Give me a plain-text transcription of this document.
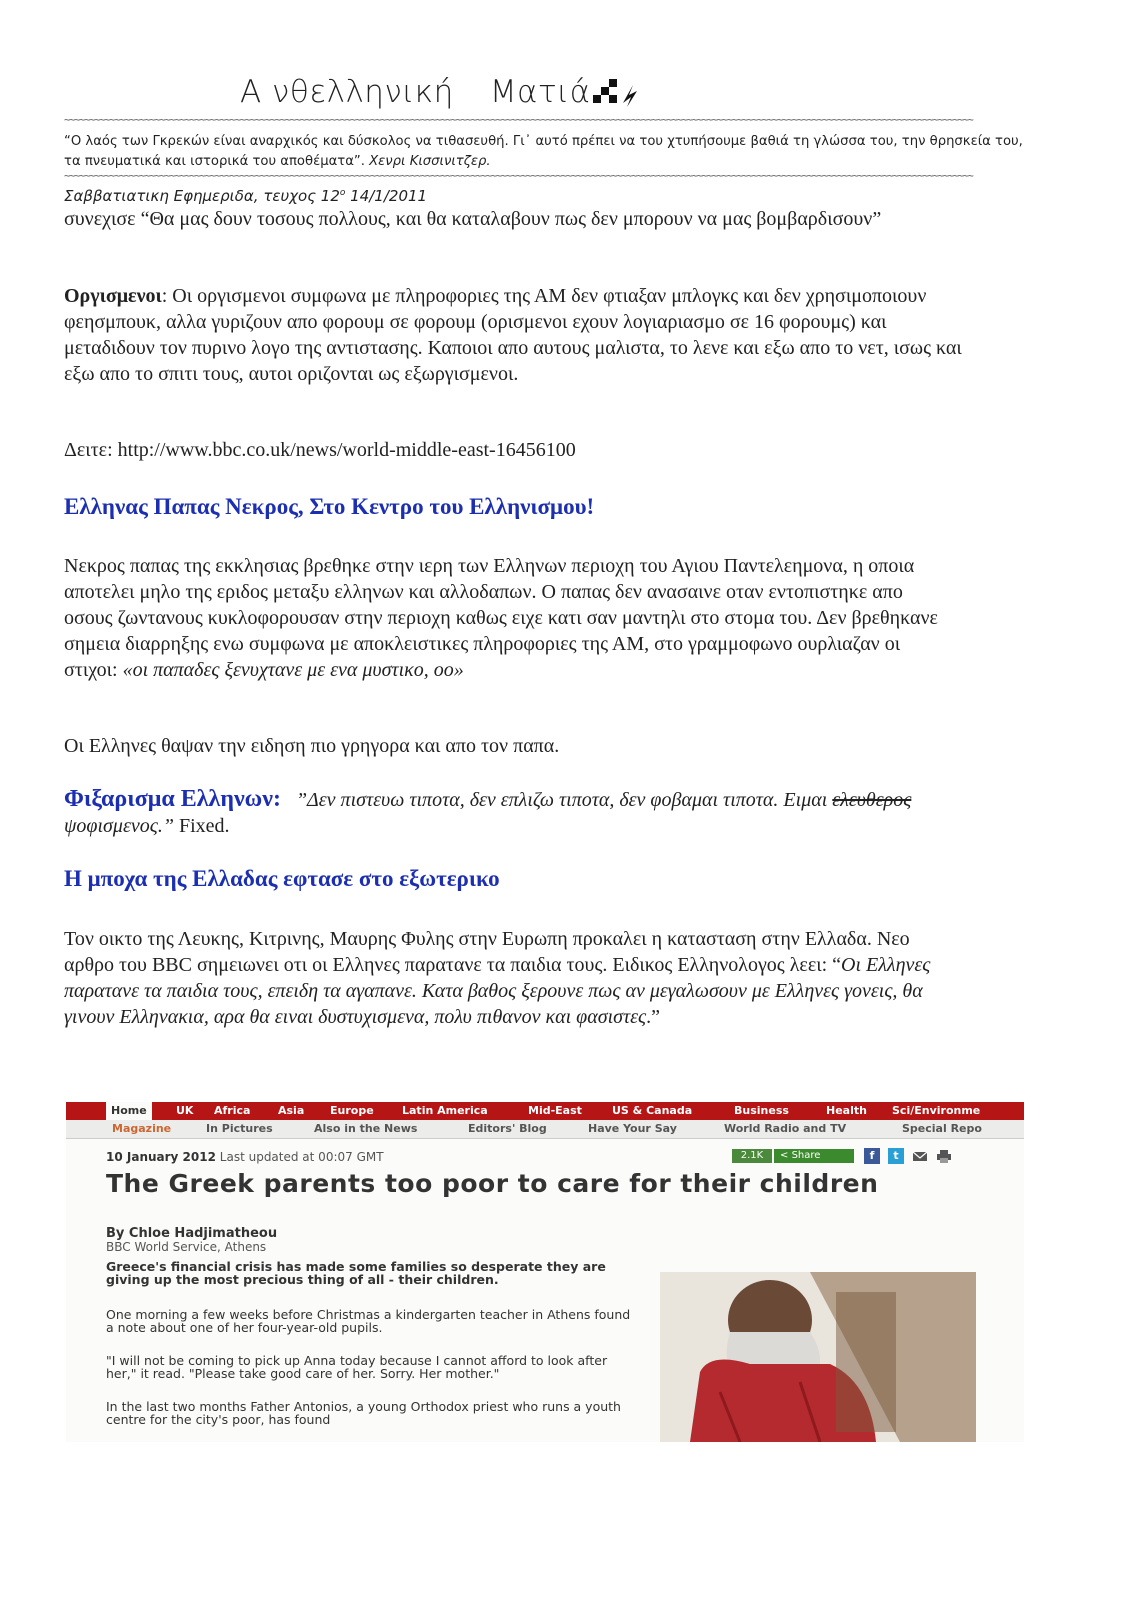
Α νθελληνική Ματιά
~~~~~~~~~~~~~~~~~~~~~~~~~~~~~~~~~~~~~~~~~~~~~~~~~~~~~~~~~~~~~~~~~~~~~~~~~~~~~~~~~~~~~~~~~~~~~~~~~~~~~~~~~~~~~~~~~~~~~~~~~~~~~~~~~~~~~~~~~~~~~~~~~~~~~~~~~~~~~~~~~~~~~~~~~~~~~~~~~~~~~
“Ο λαός των Γκρεκών είναι αναρχικός και δύσκολος να τιθασευθή. Γι᾽ αυτό πρέπει να του χτυπήσουμε βαθιά τη γλώσσα του, την θρησκεία του, τα πνευματικά και ιστορικά του αποθέματα”. Χενρι Κισσινιτζερ.
~~~~~~~~~~~~~~~~~~~~~~~~~~~~~~~~~~~~~~~~~~~~~~~~~~~~~~~~~~~~~~~~~~~~~~~~~~~~~~~~~~~~~~~~~~~~~~~~~~~~~~~~~~~~~~~~~~~~~~~~~~~~~~~~~~~~~~~~~~~~~~~~~~~~~~~~~~~~~~~~~~~~~~~~~~~~~~~~~~~~~
Σαββατιατικη Εφημεριδα, τευχος $12^o$ 14/1/2011
συνεχισε “Θα μας δουν τοσους πολλους, και θα καταλαβουν πως δεν μπορουν να μας βομβαρδισουν”
Οργισμενοι: Οι οργισμενοι συμφωνα με πληροφοριες της ΑΜ δεν φτιαξαν μπλογκς και δεν χρησιμοποιουν φεησμπουκ, αλλα γυριζουν απο φορουμ σε φορουμ (ορισμενοι εχουν λογιαριασμο σε 16 φορουμς) και μεταδιδουν τον πυρινο λογο της αντιστασης. Καποιοι απο αυτους μαλιστα, το λενε και εξω απο το νετ, ισως και εξω απο το σπιτι τους, αυτοι οριζονται ως εξωργισμενοι.
Δειτε: http://www.bbc.co.uk/news/world-middle-east-16456100
Ελληνας Παπας Νεκρος, Στο Κεντρο του Ελληνισμου!
Νεκρος παπας της εκκλησιας βρεθηκε στην ιερη των Ελληνων περιοχη του Αγιου Παντελεημονα, η οποια αποτελει μηλο της εριδος μεταξυ ελληνων και αλλοδαπων. Ο παπας δεν ανασαινε οταν εντοπιστηκε απο οσους ζωντανους κυκλοφορουσαν στην περιοχη καθως ειχε κατι σαν μαντηλι στο στομα του. Δεν βρεθηκανε σημεια διαρρηξης ενω συμφωνα με αποκλειστικες πληροφοριες της ΑΜ, στο γραμμοφωνο ουρλιαζαν οι στιχοι: «οι παπαδες ξενυχτανε με ενα μυστικο, οο»
Οι Ελληνες θαψαν την ειδηση πιο γρηγορα και απο τον παπα.
Φιξαρισμα Ελληνων: ”Δεν πιστευω τιποτα, δεν επλιζω τιποτα, δεν φοβαμαι τιποτα. Ειμαι ελευθερος ψοφισμενος.” Fixed.
Η μποχα της Ελλαδας εφτασε στο εξωτερικο
Τον οικτο της Λευκης, Κιτρινης, Μαυρης Φυλης στην Ευρωπη προκαλει η κατασταση στην Ελλαδα. Νεο αρθρο του BBC σημειωνει οτι οι Ελληνες παρατανε τα παιδια τους. Ειδικος Ελληνολογος λεει: “Οι Ελληνες παρατανε τα παιδια τους, επειδη τα αγαπανε. Κατα βαθος ξερουνε πως αν μεγαλωσουν με Ελληνες γονεις, θα γινουν Ελληνακια, αρα θα ειναι δυστυχισμενα, πολυ πιθανον και φασιστες.”
Home	UK Africa	Asia Europe	Latin America	Mid-East	US & Canada	Business	Health Sci/Environme
Magazine	In Pictures	Also in the News	Editors' Blog	Have Your Say	World Radio and TV	Special Repo
10 January 2012 Last updated at 00:07 GMT	2.1K	< Share	f	t
The Greek parents too poor to care for their children
By Chloe Hadjimatheou
BBC World Service, Athens
Greece's financial crisis has made some families so desperate they are giving up the most precious thing of all - their children.
One morning a few weeks before Christmas a kindergarten teacher in Athens found a note about one of her four-year-old pupils.
"I will not be coming to pick up Anna today because I cannot afford to look after her," it read. "Please take good care of her. Sorry. Her mother."
In the last two months Father Antonios, a young Orthodox priest who runs a youth centre for the city's poor, has found
